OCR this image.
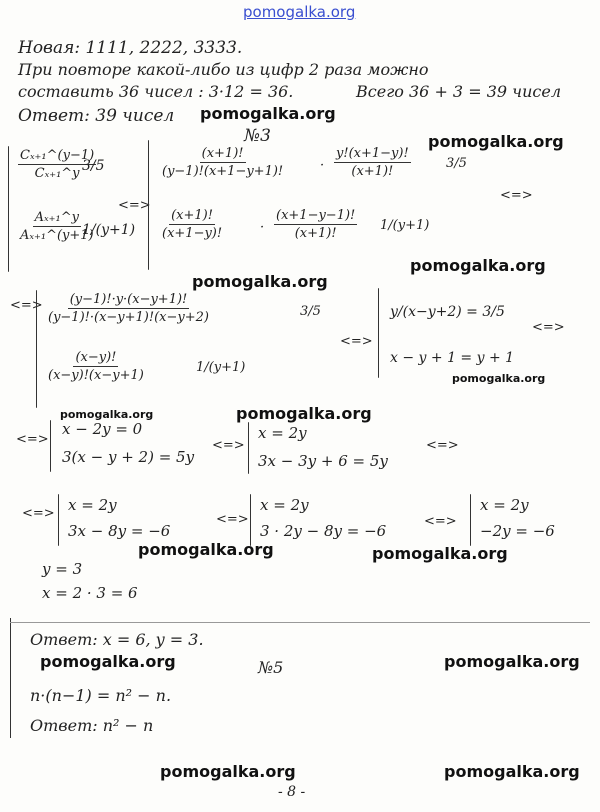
pomogalka.org
Новая: 1111, 2222, 3333.
При повторе какой-либо из цифр 2 раза можно
составить 36 чисел : 3·12 = 36.	Всего 36 + 3 = 39 чисел
Ответ: 39 чисел pomogalka.org
pomogalka.org
№3
$\frac{\text{Cₓ₊₁\textasciicircum{}(y−1)}}{\text{Cₓ₊₁\textasciicircum{}y}}$
3/5
$\frac{\text{Aₓ₊₁\textasciicircum{}y}}{\text{Aₓ₊₁\textasciicircum{}(y+1)}}$
1/(y+1)
<=>
$\frac{(x+1)!}{(y-1)!(x+1-y+1)!}$	· $\frac{y!(x+1-y)!}{(x+1)!}$	3/5
<=>
$\frac{(x+1)!}{(x+1-y)!}$	· $\frac{(x+1-y-1)!}{(x+1)!} 1/(y+1)$
pomogalka.org
pomogalka.org
<=> $\frac{(y-1)!\cdot y\cdot(x-y+1)!}{(y-1)!\cdot(x-y+1)!(x-y+2)}$	3/5
$\frac{(x-y)!}{(x-y)!(x-y+1)}$	1/(y+1)
<=>
y/(x−y+2) = 3/5
x − y + 1 = y + 1
<=>
pomogalka.org
pomogalka.org	pomogalka.org
<=>
x − 2y = 0
3(x − y + 2) = 5y
<=>
x = 2y
3x − 3y + 6 = 5y
<=>
<=> x = 2y
3x − 8y = −6
<=>
x = 2y
3 · 2y − 8y = −6
<=>
x = 2y
−2y = −6
pomogalka.org	pomogalka.org
y = 3
x = 2 · 3 = 6
Ответ: x = 6, y = 3.
pomogalka.org	pomogalka.org
№5
n·(n−1) = n² − n.
Ответ: n² − n
pomogalka.org	pomogalka.org
- 8 -
